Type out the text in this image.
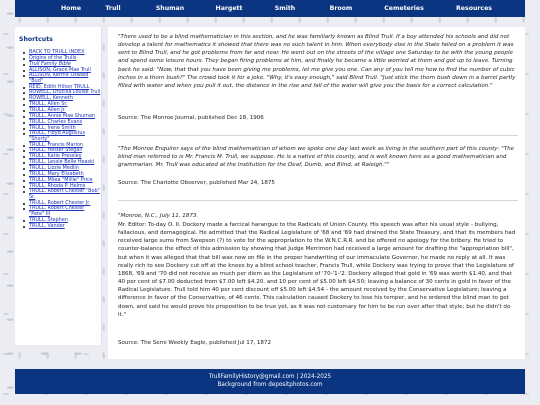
Home	Trull	Shuman	Hargett	Smith	Broom	Cemeteries	Resources
Shortcuts
BACK TO TRULL INDEX
Origins of the Trulls
Trull Family Bible
ALLISON, Grace Mae Trull
ALLISON, Kermit Oswald "Bud"
REID, Edith Hilton TRULL
ROWELL, Drucilla Louise Trull
ROWELL, Kenneth
TRULL, Allen Sr.
TRULL, Allen Jr.
TRULL, Annie Mae Shuman
TRULL, Charles Evans
TRULL, Irene Smith
TRULL, Floyd Augustus "Shorty"
TRULL, Francis Marion
TRULL, Hester Stegall
TRULL, Katie Pressley
TRULL, Lessie Belle Heaski
TRULL, Lizzie Medlin
TRULL, Mary Elizabeth
TRULL, Milea "Millie" Price
TRULL, Rhoda P. Helms
TRULL, Robert Chester "Bob" Sr.
TRULL, Robert Chester Jr.
TRULL, Robert Chester "Pete" III
TRULL, Stephen
TRULL, Vander

"There used to be a blind mathematician in this section, and he was familiarly known as Blind Trull. If a boy attended his schools and did not develop a talent for mathematics it showed that there was no such talent in him. When everybody else in the State failed on a problem it was sent to Blind Trull, and he got problems from far and near. He went out on the streets of the village one Saturday to be with the young people and spend some leisure hours. They began firing problems at him, and finally he became a little worried at them and got up to leave. Turning back he said: "Now, that that you have been giving me problems, let me give you one. Can any of you tell me how to find the number of cubic inches in a thorn bush?" The crowd took it for a joke. "Why, it's easy enough," said Blind Trull. "Just stick the thorn bush down in a barrel partly filled with water and when you pull it out, the distance in the rise and fall of the water will give you the basis for a correct calculation."

Source: The Monroe Journal, published Dec 18, 1906

"The Monroe Enquirer says of the blind mathematician of whom we spoke one day last week as living in the southern part of this county: "The blind man referred to is Mr. Francis M. Trull, we suppose. He is a native of this county, and is well known here as a good mathematician and grammarian. Mr. Trull was educated at the Institution for the Deaf, Dumb, and Blind, at Raleigh.""

Source: The Charlotte Observer, published Mar 24, 1875

"Monroe, N.C., July 11, 1873.

Mr. Editor: To-day O. II. Dockery made a farcical harangue to the Radicals of Union County. His speech was after his usual style - bullying, fallacious, and demagogical. He admitted that the Radical Legislature of '68 and '69 had drained the State Treasury, and that its members had received large sums from Swepson (?) to vote for the appropriation to the W.N.C.R.R. and be offered no apology for the bribery. He tried to counter-balance the effect of this admission by showing that Judge Merrimon had received a large amount for drafting the "appropriation bill", but when it was alleged that that bill was now on file in the proper handwriting of our immaculate Governor, he made no reply at all. It was really rich to see Dockery cut off at the knees by a blind school teacher, Francis Trull, while Dockery was trying to prove that the Legislature of 1868, '69 and '70 did not receive as much per diem as the Legislature of '70-'1-'2. Dockery alleged that gold in '69 was worth $1.40, and that 40 per cent of $7.00 deducted from $7.00 left $4.20, and 10 per cent of $5.00 left $4.50; leaving a balance of 30 cents in gold in favor of the Radical Legislature. Trull told him 40 per cent discount off $5.00 left $4.54 - the amount received by the Conservative Legislature; leaving a difference in favor of the Conservative, of 46 cents. This calculation caused Dockery to lose his temper, and he ordered the blind man to get down, and said he would prove his proposition to be true yet, as it was not customary for him to be run over after that style; but he didn't do it."

Source: The Semi Weekly Eagle, published Jul 17, 1872

TrullFamilyHistory@gmail.com | 2024-2025
Background from depositphotos.com
